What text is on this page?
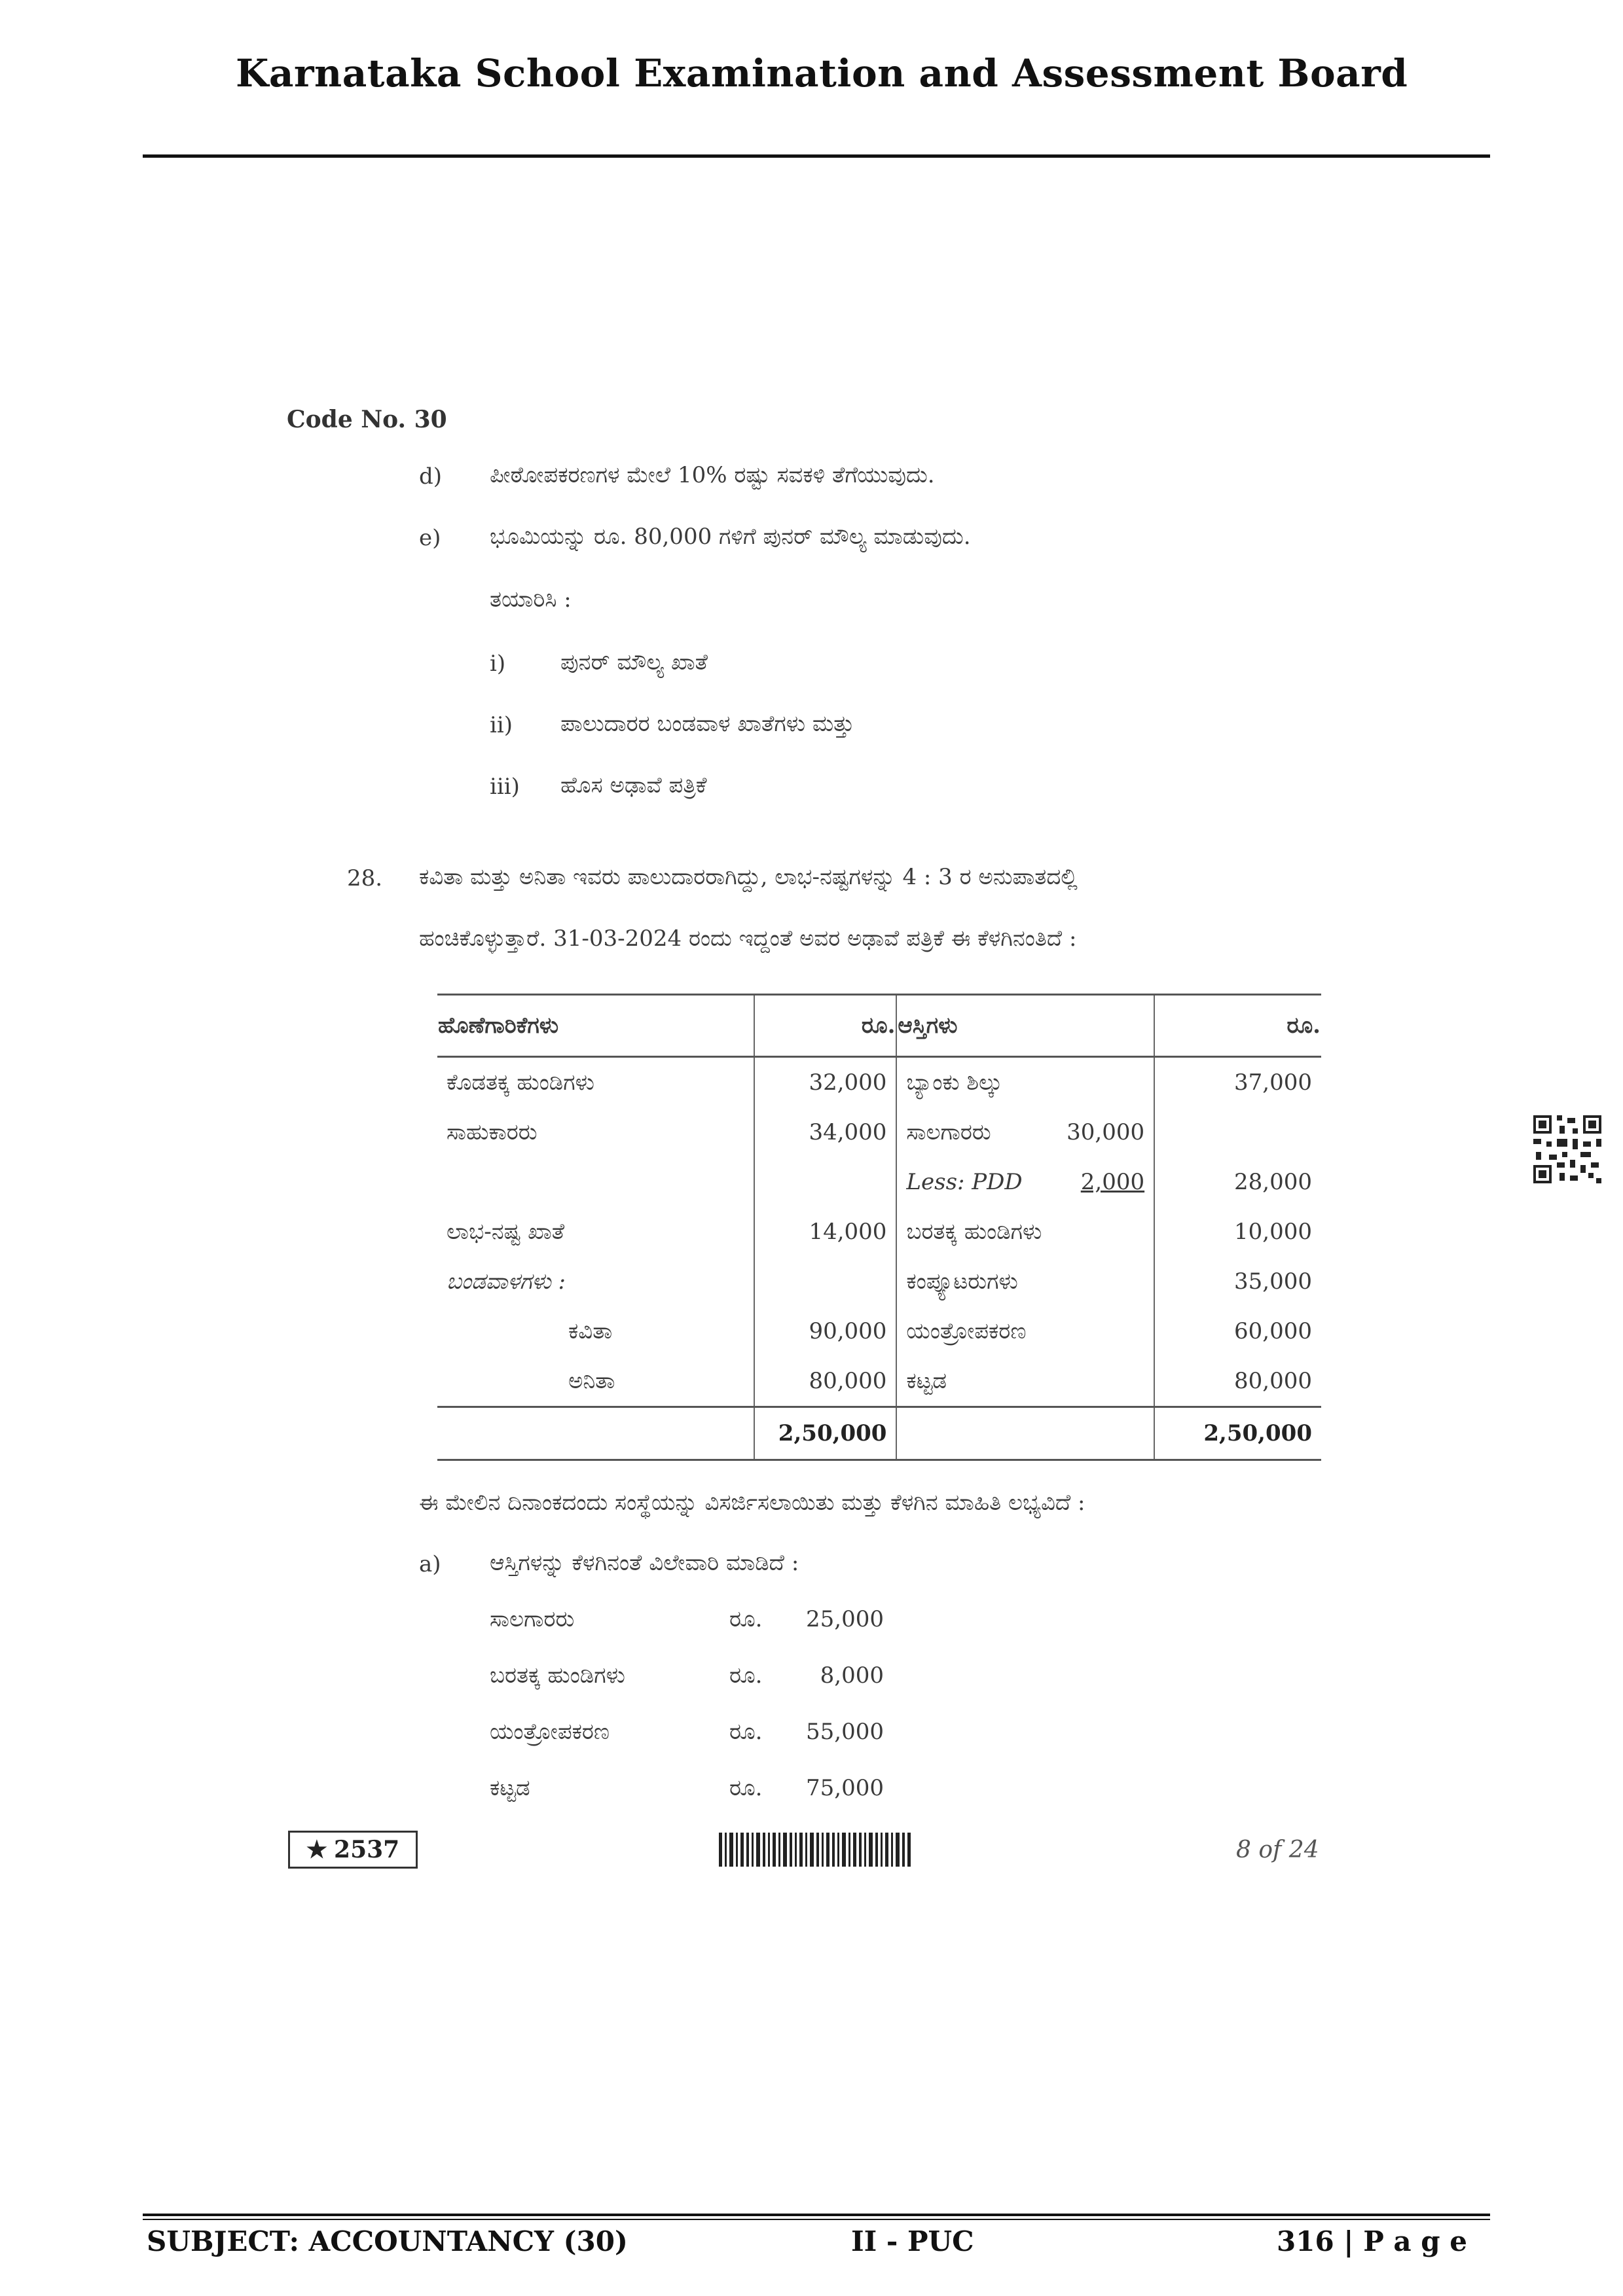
Karnataka School Examination and Assessment Board
Code No. 30
d) ಪೀಠೋಪಕರಣಗಳ ಮೇಲೆ 10% ರಷ್ಟು ಸವಕಳಿ ತೆಗೆಯುವುದು.
e) ಭೂಮಿಯನ್ನು ರೂ. 80,000 ಗಳಿಗೆ ಪುನರ್ ಮೌಲ್ಯ ಮಾಡುವುದು.
ತಯಾರಿಸಿ :
i) ಪುನರ್ ಮೌಲ್ಯ ಖಾತೆ
ii) ಪಾಲುದಾರರ ಬಂಡವಾಳ ಖಾತೆಗಳು ಮತ್ತು
iii) ಹೊಸ ಅಢಾವೆ ಪತ್ರಿಕೆ
28. ಕವಿತಾ ಮತ್ತು ಅನಿತಾ ಇವರು ಪಾಲುದಾರರಾಗಿದ್ದು, ಲಾಭ-ನಷ್ಟಗಳನ್ನು 4 : 3 ರ ಅನುಪಾತದಲ್ಲಿ
ಹಂಚಿಕೊಳ್ಳುತ್ತಾರೆ. 31-03-2024 ರಂದು ಇದ್ದಂತೆ ಅವರ ಅಢಾವೆ ಪತ್ರಿಕೆ ಈ ಕೆಳಗಿನಂತಿದೆ :
ಹೊಣೆಗಾರಿಕೆಗಳು	ರೂ.	ಆಸ್ತಿಗಳು	ರೂ.
ಕೊಡತಕ್ಕ ಹುಂಡಿಗಳು	32,000	ಬ್ಯಾಂಕು ಶಿಲ್ಕು	37,000
ಸಾಹುಕಾರರು	34,000	ಸಾಲಗಾರರು 30,000	

		Less: PDD 2,000	28,000
ಲಾಭ-ನಷ್ಟ ಖಾತೆ	14,000	ಬರತಕ್ಕ ಹುಂಡಿಗಳು	10,000
ಬಂಡವಾಳಗಳು :		ಕಂಪ್ಯೂಟರುಗಳು	35,000
ಕವಿತಾ	90,000	ಯಂತ್ರೋಪಕರಣ	60,000
ಅನಿತಾ	80,000	ಕಟ್ಟಡ	80,000
	2,50,000		2,50,000
ಈ ಮೇಲಿನ ದಿನಾಂಕದಂದು ಸಂಸ್ಥೆಯನ್ನು ವಿಸರ್ಜಿಸಲಾಯಿತು ಮತ್ತು ಕೆಳಗಿನ ಮಾಹಿತಿ ಲಭ್ಯವಿದೆ :
a) ಆಸ್ತಿಗಳನ್ನು ಕೆಳಗಿನಂತೆ ವಿಲೇವಾರಿ ಮಾಡಿದೆ :
ಸಾಲಗಾರರು	ರೂ.	25,000
ಬರತಕ್ಕ ಹುಂಡಿಗಳು	ರೂ.	8,000
ಯಂತ್ರೋಪಕರಣ	ರೂ.	55,000
ಕಟ್ಟಡ	ರೂ.	75,000
★ 2537	8 of 24
SUBJECT: ACCOUNTANCY (30)	II - PUC	316 | P a g e
